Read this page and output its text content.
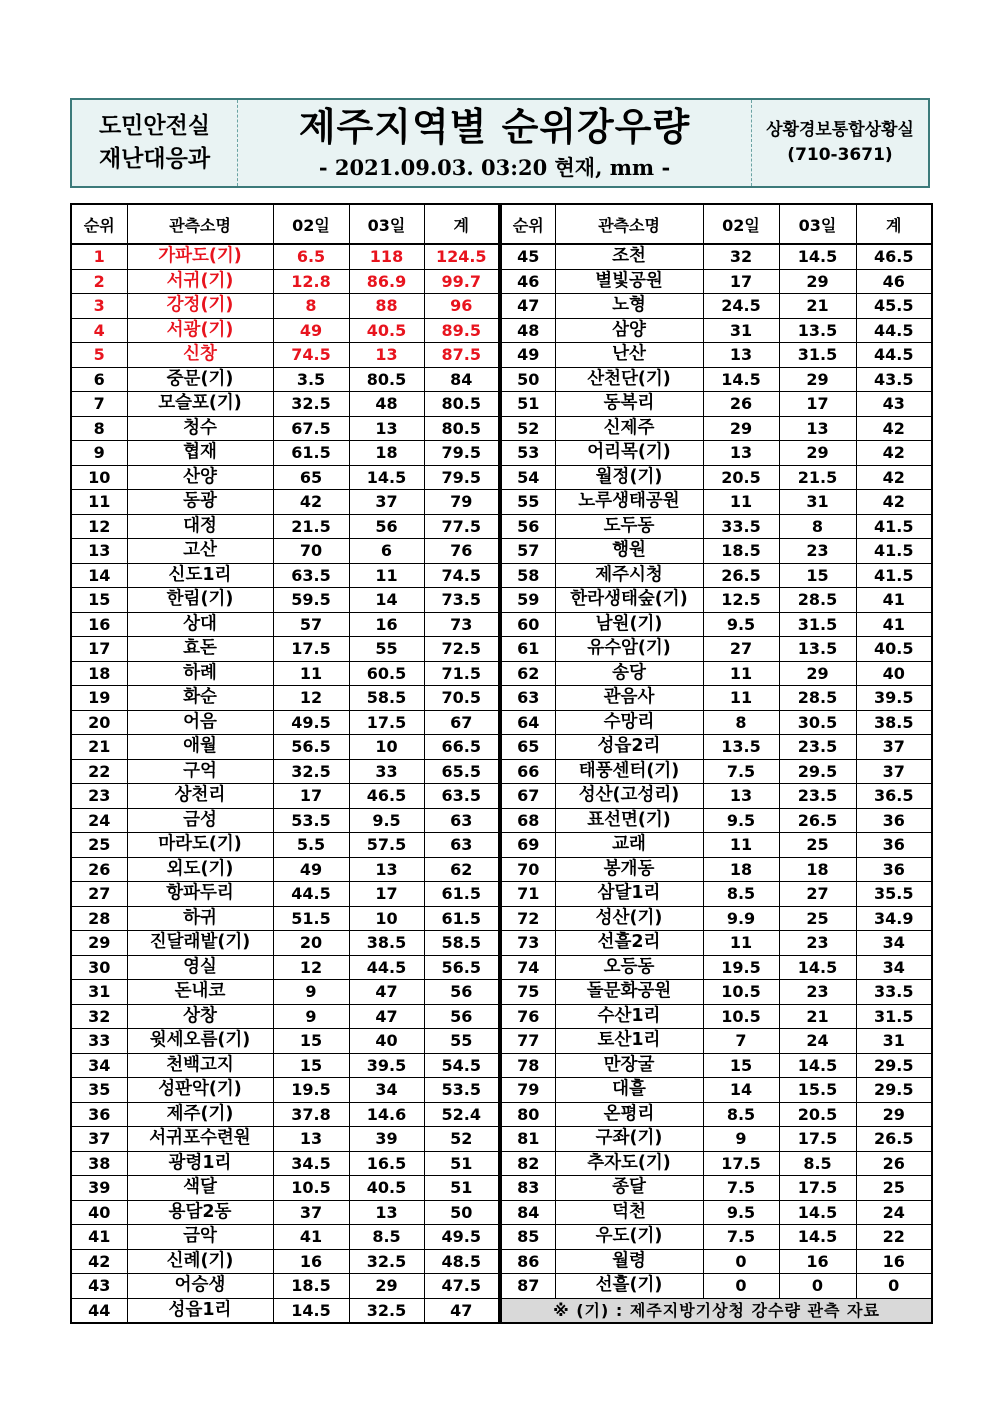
도민안전실
재난대응과
제주지역별 순위강우량
- 2021.09.03. 03:20 현재, mm -
상황경보통합상황실
(710-3671)
순위	관측소명	02일	03일	계
1	가파도(기)	6.5	118	124.5
2	서귀(기)	12.8	86.9	99.7
3	강정(기)	8	88	96
4	서광(기)	49	40.5	89.5
5	신창	74.5	13	87.5
6	중문(기)	3.5	80.5	84
7	모슬포(기)	32.5	48	80.5
8	청수	67.5	13	80.5
9	협재	61.5	18	79.5
10	산양	65	14.5	79.5
11	동광	42	37	79
12	대정	21.5	56	77.5
13	고산	70	6	76
14	신도1리	63.5	11	74.5
15	한림(기)	59.5	14	73.5
16	상대	57	16	73
17	효돈	17.5	55	72.5
18	하례	11	60.5	71.5
19	화순	12	58.5	70.5
20	어음	49.5	17.5	67
21	애월	56.5	10	66.5
22	구억	32.5	33	65.5
23	상천리	17	46.5	63.5
24	금성	53.5	9.5	63
25	마라도(기)	5.5	57.5	63
26	외도(기)	49	13	62
27	항파두리	44.5	17	61.5
28	하귀	51.5	10	61.5
29	진달래밭(기)	20	38.5	58.5
30	영실	12	44.5	56.5
31	돈내코	9	47	56
32	상창	9	47	56
33	윗세오름(기)	15	40	55
34	천백고지	15	39.5	54.5
35	성판악(기)	19.5	34	53.5
36	제주(기)	37.8	14.6	52.4
37	서귀포수련원	13	39	52
38	광령1리	34.5	16.5	51
39	색달	10.5	40.5	51
40	용담2동	37	13	50
41	금악	41	8.5	49.5
42	신례(기)	16	32.5	48.5
43	어승생	18.5	29	47.5
44	성읍1리	14.5	32.5	47
순위	관측소명	02일	03일	계
45	조천	32	14.5	46.5
46	별빛공원	17	29	46
47	노형	24.5	21	45.5
48	삼양	31	13.5	44.5
49	난산	13	31.5	44.5
50	산천단(기)	14.5	29	43.5
51	동복리	26	17	43
52	신제주	29	13	42
53	어리목(기)	13	29	42
54	월정(기)	20.5	21.5	42
55	노루생태공원	11	31	42
56	도두동	33.5	8	41.5
57	행원	18.5	23	41.5
58	제주시청	26.5	15	41.5
59	한라생태숲(기)	12.5	28.5	41
60	남원(기)	9.5	31.5	41
61	유수암(기)	27	13.5	40.5
62	송당	11	29	40
63	관음사	11	28.5	39.5
64	수망리	8	30.5	38.5
65	성읍2리	13.5	23.5	37
66	태풍센터(기)	7.5	29.5	37
67	성산(고성리)	13	23.5	36.5
68	표선면(기)	9.5	26.5	36
69	교래	11	25	36
70	봉개동	18	18	36
71	삼달1리	8.5	27	35.5
72	성산(기)	9.9	25	34.9
73	선흘2리	11	23	34
74	오등동	19.5	14.5	34
75	돌문화공원	10.5	23	33.5
76	수산1리	10.5	21	31.5
77	토산1리	7	24	31
78	만장굴	15	14.5	29.5
79	대흘	14	15.5	29.5
80	온평리	8.5	20.5	29
81	구좌(기)	9	17.5	26.5
82	추자도(기)	17.5	8.5	26
83	종달	7.5	17.5	25
84	덕천	9.5	14.5	24
85	우도(기)	7.5	14.5	22
86	월령	0	16	16
87	선흘(기)	0	0	0
※ (기) : 제주지방기상청 강수량 관측 자료				
